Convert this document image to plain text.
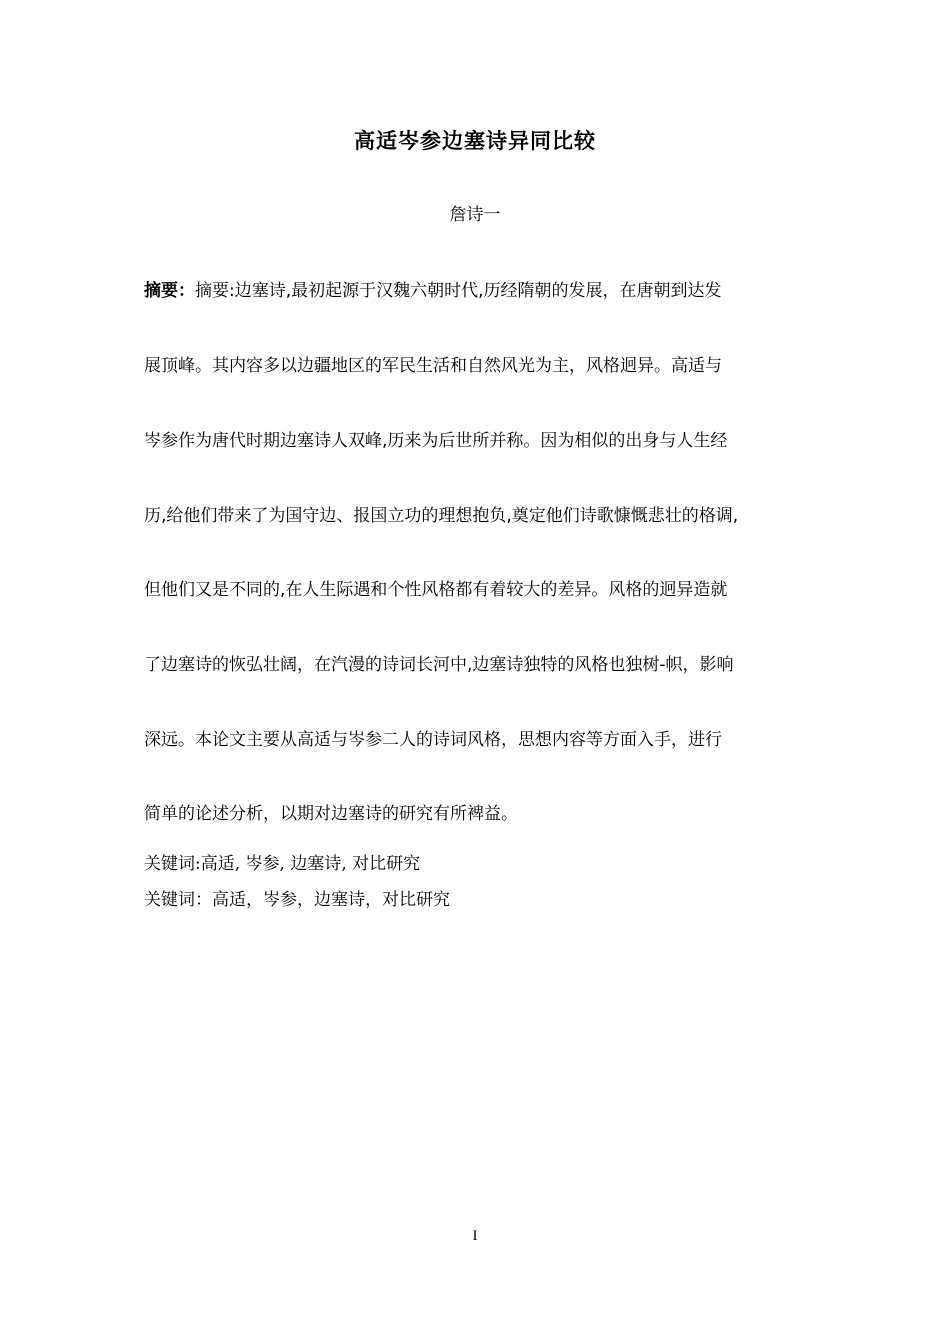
高适岑参边塞诗异同比较
詹诗一
摘要：摘要:边塞诗,最初起源于汉魏六朝时代,历经隋朝的发展，在唐朝到达发
展顶峰。其内容多以边疆地区的军民生活和自然风光为主，风格迥异。高适与
岑参作为唐代时期边塞诗人双峰,历来为后世所并称。因为相似的出身与人生经
历,给他们带来了为国守边、报国立功的理想抱负,奠定他们诗歌慷慨悲壮的格调,
但他们又是不同的,在人生际遇和个性风格都有着较大的差异。风格的迥异造就
了边塞诗的恢弘壮阔，在汽漫的诗词长河中,边塞诗独特的风格也独树-帜，影响
深远。本论文主要从高适与岑参二人的诗词风格，思想内容等方面入手，进行
简单的论述分析，以期对边塞诗的研究有所裨益。
关键词:高适, 岑参, 边塞诗, 对比研究
关键词：高适，岑参，边塞诗，对比研究
I
